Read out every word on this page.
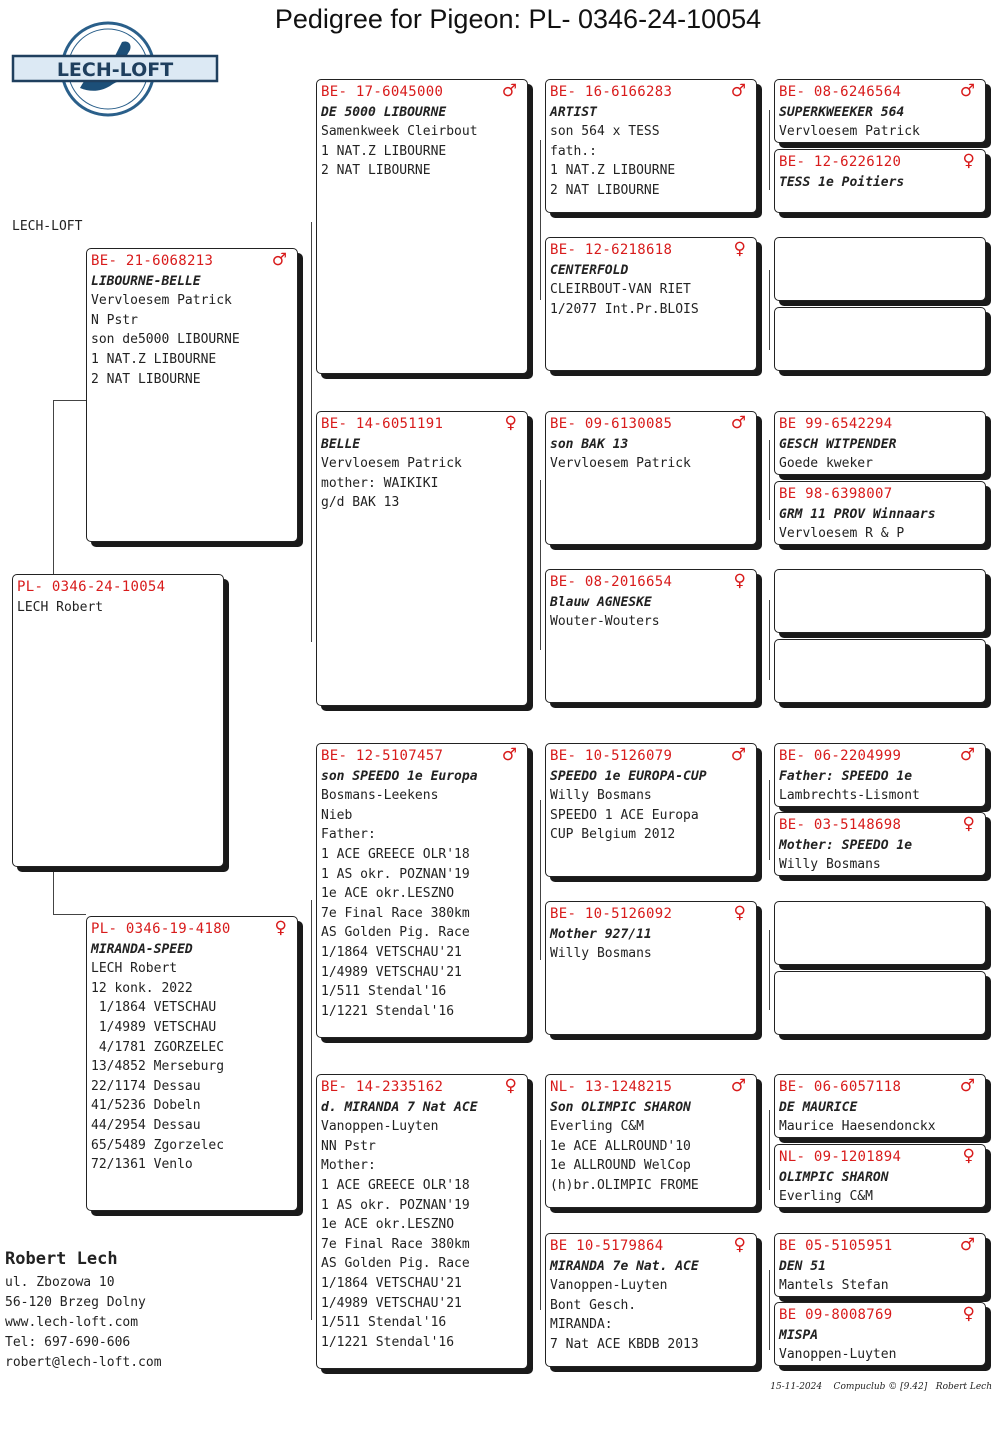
Pedigree for Pigeon: PL- 0346-24-10054
LECH-LOFT
LECH-LOFT
PL- 0346-24-10054
LECH Robert
BE- 21-6068213	♂
LIBOURNE-BELLE
Vervloesem Patrick
N Pstr
son de5000 LIBOURNE
1 NAT.Z LIBOURNE
2 NAT LIBOURNE
PL- 0346-19-4180	♀
MIRANDA-SPEED
LECH Robert
12 konk. 2022
1/1864 VETSCHAU
1/4989 VETSCHAU
4/1781 ZGORZELEC
13/4852 Merseburg
22/1174 Dessau
41/5236 Dobeln
44/2954 Dessau
65/5489 Zgorzelec
72/1361 Venlo
BE- 17-6045000	♂
DE 5000 LIBOURNE
Samenkweek Cleirbout
1 NAT.Z LIBOURNE
2 NAT LIBOURNE
BE- 14-6051191	♀
BELLE
Vervloesem Patrick
mother: WAIKIKI
g/d BAK 13
BE- 12-5107457	♂
son SPEEDO 1e Europa
Bosmans-Leekens
Nieb
Father:
1 ACE GREECE OLR'18
1 AS okr. POZNAN'19
1e ACE okr.LESZNO
7e Final Race 380km
AS Golden Pig. Race
1/1864 VETSCHAU'21
1/4989 VETSCHAU'21
1/511 Stendal'16
1/1221 Stendal'16
BE- 14-2335162	♀
d. MIRANDA 7 Nat ACE
Vanoppen-Luyten
NN Pstr
Mother:
1 ACE GREECE OLR'18
1 AS okr. POZNAN'19
1e ACE okr.LESZNO
7e Final Race 380km
AS Golden Pig. Race
1/1864 VETSCHAU'21
1/4989 VETSCHAU'21
1/511 Stendal'16
1/1221 Stendal'16
BE- 16-6166283	♂
ARTIST
son 564 x TESS
fath.:
1 NAT.Z LIBOURNE
2 NAT LIBOURNE
BE- 12-6218618	♀
CENTERFOLD
CLEIRBOUT-VAN RIET
1/2077 Int.Pr.BLOIS
BE- 09-6130085	♂
son BAK 13
Vervloesem Patrick
BE- 08-2016654	♀
Blauw AGNESKE
Wouter-Wouters
BE- 10-5126079	♂
SPEEDO 1e EUROPA-CUP
Willy Bosmans
SPEEDO 1 ACE Europa
CUP Belgium 2012
BE- 10-5126092	♀
Mother 927/11
Willy Bosmans
NL- 13-1248215	♂
Son OLIMPIC SHARON
Everling C&M
1e ACE ALLROUND'10
1e ALLROUND WelCop
(h)br.OLIMPIC FROME
BE 10-5179864	♀
MIRANDA 7e Nat. ACE
Vanoppen-Luyten
Bont Gesch.
MIRANDA:
7 Nat ACE KBDB 2013
BE- 08-6246564	♂
SUPERKWEEKER 564
Vervloesem Patrick
BE- 12-6226120	♀
TESS 1e Poitiers
BE 99-6542294
GESCH WITPENDER
Goede kweker
BE 98-6398007
GRM 11 PROV Winnaars
Vervloesem R & P
BE- 06-2204999	♂
Father: SPEEDO 1e
Lambrechts-Lismont
BE- 03-5148698	♀
Mother: SPEEDO 1e
Willy Bosmans
BE- 06-6057118	♂
DE MAURICE
Maurice Haesendonckx
NL- 09-1201894	♀
OLIMPIC SHARON
Everling C&M
BE 05-5105951	♂
DEN 51
Mantels Stefan
BE 09-8008769	♀
MISPA
Vanoppen-Luyten
Robert Lech
ul. Zbozowa 10
56-120 Brzeg Dolny
www.lech-loft.com
Tel: 697-690-606
robert@lech-loft.com
15-11-2024    Compuclub © [9.42]   Robert Lech
